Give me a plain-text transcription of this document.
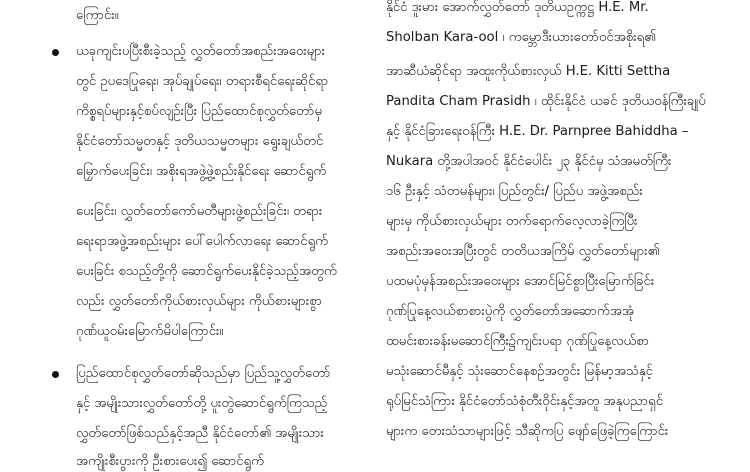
ကြောင်း။
ယခုကျင်းပပြီးစီးခဲ့သည့် လွှတ်တော်အစည်းအဝေးများ
တွင် ဥပဒေပြုရေး၊ အုပ်ချုပ်ရေး၊ တရားစီရင်ရေးဆိုင်ရာ
ကိစ္စရပ်များနှင့်စပ်လျဉ်းပြီး ပြည်ထောင်စုလွှတ်တော်မှ
နိုင်ငံတော်သမ္မတနှင့် ဒုတိယသမ္မတများ ရွေးချယ်တင်
မြှောက်ပေးခြင်း၊ အစိုးရအဖွဲ့ဖွဲ့စည်းနိုင်ရေး ဆောင်ရွက်
ပေးခြင်း၊ လွှတ်တော်ကော်မတီများဖွဲ့စည်းခြင်း၊ တရား
ရေးရာအဖွဲ့အစည်းများ ပေါ်ပေါက်လာရေး ဆောင်ရွက်
ပေးခြင်း စသည့်တို့ကို ဆောင်ရွက်ပေးနိုင်ခဲ့သည့်အတွက်
လည်း လွှတ်တော်ကိုယ်စားလှယ်များ ကိုယ်စားများစွာ
ဂုဏ်ယူဝမ်းမြောက်မိပါကြောင်း။
ပြည်ထောင်စုလွှတ်တော်ဆိုသည်မှာ ပြည်သူ့လွှတ်တော်
နှင့် အမျိုးသားလွှတ်တော်တို့ ပူးတွဲဆောင်ရွက်ကြသည့်
လွှတ်တော်ဖြစ်သည်နှင့်အညီ နိုင်ငံတော်၏ အမျိုးသား
အကျိုးစီးပွားကို ဦးစားပေး၍ ဆောင်ရွက်
နိုင်ငံ ဒူးမား အောက်လွှတ်တော် ဒုတိယဥက္ကဋ္ဌ H.E. Mr.
Sholban Kara-ool ၊ ကမ္ဘောဒီးယားတော်ဝင်အစိုးရ၏
အာဆီယံဆိုင်ရာ အထူးကိုယ်စားလှယ် H.E. Kitti Settha
Pandita Cham Prasidh ၊ ထိုင်းနိုင်ငံ ယခင် ဒုတိယဝန်ကြီးချုပ်
နှင့် နိုင်ငံခြားရေးဝန်ကြီး H.E. Dr. Parnpree Bahiddha –
Nukara တို့အပါအဝင် နိုင်ငံပေါင်း ၂၃ နိုင်ငံမှ သံအမတ်ကြီး
၁၆ ဦးနှင့် သံတမန်များ၊ ပြည်တွင်း/ ပြည်ပ အဖွဲ့အစည်း
များမှ ကိုယ်စားလှယ်များ တက်ရောက်လေ့လာခဲ့ကြပြီး
အစည်းအဝေးအပြီးတွင် တတိယအကြိမ် လွှတ်တော်များ၏
ပထမပုံမှန်အစည်းအဝေးများ အောင်မြင်စွာပြီးမြောက်ခြင်း
ဂုဏ်ပြုနေ့လယ်စာစားပွဲကို လွှတ်တော်အဆောက်အအုံ
ထမင်းစားခန်းမဆောင်ကြီး၌ကျင်းပရာ ဂုဏ်ပြုနေ့လယ်စာ
မသုံးဆောင်မီနှင့် သုံးဆောင်နေစဉ်အတွင်း မြန်မာ့အသံနှင့်
ရုပ်မြင်သံကြား နိုင်ငံတော်သံစုံတီးဝိုင်းနှင့်အတူ အနုပညာရှင်
များက တေးသံသာများဖြင့် သီဆိုကပြ ဖျော်ဖြေခဲ့ကြကြောင်း
